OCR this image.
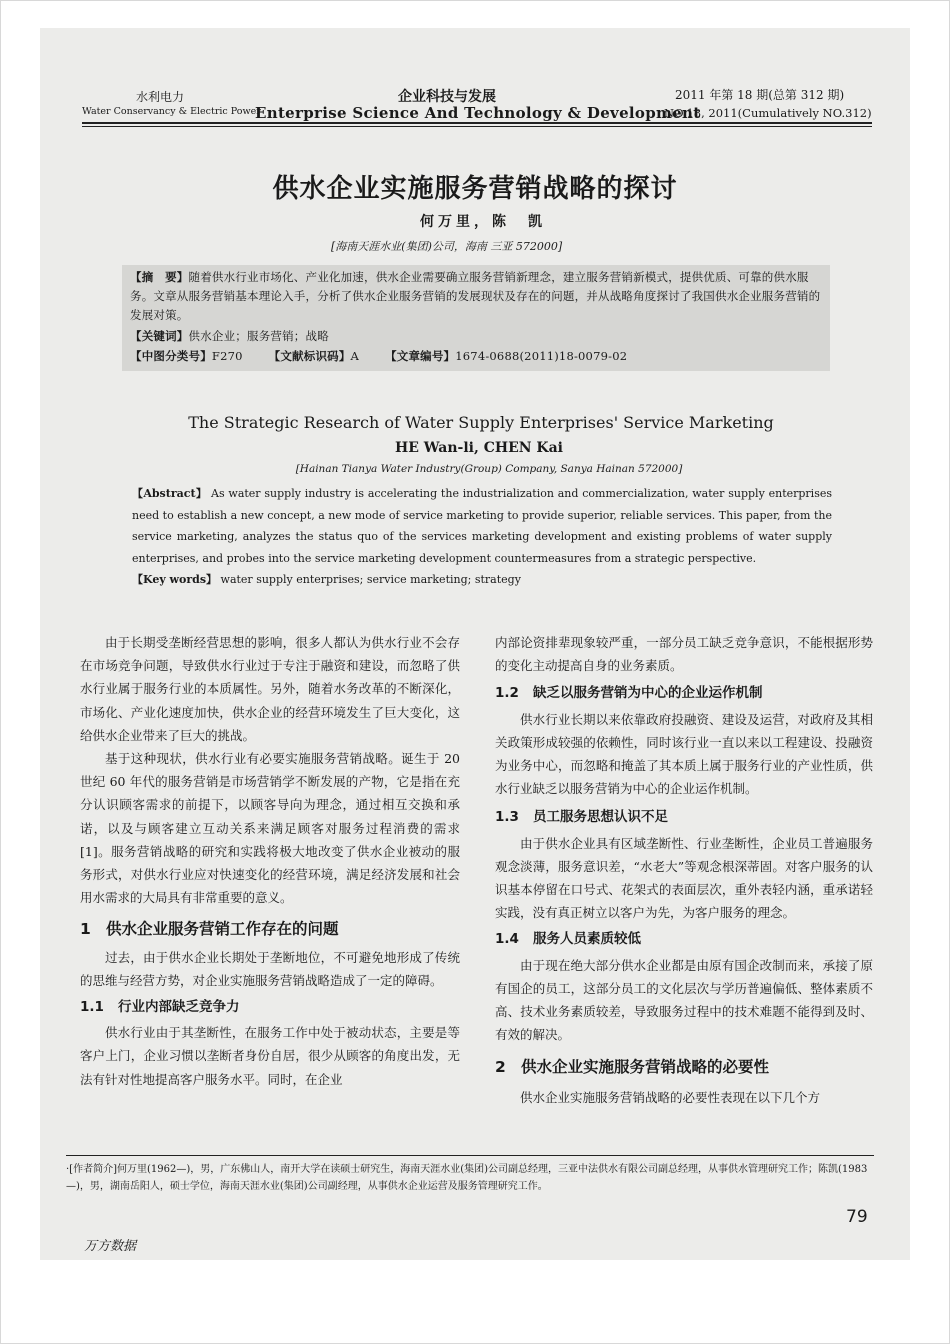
水利电力
Water Conservancy & Electric Power
企业科技与发展
Enterprise Science And Technology & Development
2011 年第 18 期(总第 312 期)
NO.18, 2011(Cumulatively NO.312)
供水企业实施服务营销战略的探讨
何万里，陈　凯
[海南天涯水业(集团)公司，海南 三亚 572000]
【摘　要】随着供水行业市场化、产业化加速，供水企业需要确立服务营销新理念，建立服务营销新模式，提供优质、可靠的供水服务。文章从服务营销基本理论入手，分析了供水企业服务营销的发展现状及存在的问题，并从战略角度探讨了我国供水企业服务营销的发展对策。
【关键词】供水企业；服务营销；战略
【中图分类号】F270 【文献标识码】A 【文章编号】1674-0688(2011)18-0079-02
The Strategic Research of Water Supply Enterprises' Service Marketing
HE Wan-li, CHEN Kai
[Hainan Tianya Water Industry(Group) Company, Sanya Hainan 572000]
【Abstract】 As water supply industry is accelerating the industrialization and commercialization, water supply enterprises need to establish a new concept, a new mode of service marketing to provide superior, reliable services. This paper, from the service marketing, analyzes the status quo of the services marketing development and existing problems of water supply enterprises, and probes into the service marketing development countermeasures from a strategic perspective.
【Key words】 water supply enterprises; service marketing; strategy

由于长期受垄断经营思想的影响，很多人都认为供水行业不会存在市场竞争问题，导致供水行业过于专注于融资和建设，而忽略了供水行业属于服务行业的本质属性。另外，随着水务改革的不断深化，市场化、产业化速度加快，供水企业的经营环境发生了巨大变化，这给供水企业带来了巨大的挑战。

基于这种现状，供水行业有必要实施服务营销战略。诞生于 20 世纪 60 年代的服务营销是市场营销学不断发展的产物，它是指在充分认识顾客需求的前提下，以顾客导向为理念，通过相互交换和承诺，以及与顾客建立互动关系来满足顾客对服务过程消费的需求[1]。服务营销战略的研究和实践将极大地改变了供水企业被动的服务形式，对供水行业应对快速变化的经营环境，满足经济发展和社会用水需求的大局具有非常重要的意义。

1 供水企业服务营销工作存在的问题

过去，由于供水企业长期处于垄断地位，不可避免地形成了传统的思维与经营方势，对企业实施服务营销战略造成了一定的障碍。

1.1 行业内部缺乏竞争力

供水行业由于其垄断性，在服务工作中处于被动状态，主要是等客户上门，企业习惯以垄断者身份自居，很少从顾客的角度出发，无法有针对性地提高客户服务水平。同时，在企业

内部论资排辈现象较严重，一部分员工缺乏竞争意识，不能根据形势的变化主动提高自身的业务素质。

1.2 缺乏以服务营销为中心的企业运作机制

供水行业长期以来依靠政府投融资、建设及运营，对政府及其相关政策形成较强的依赖性，同时该行业一直以来以工程建设、投融资为业务中心，而忽略和掩盖了其本质上属于服务行业的产业性质，供水行业缺乏以服务营销为中心的企业运作机制。

1.3 员工服务思想认识不足

由于供水企业具有区域垄断性、行业垄断性，企业员工普遍服务观念淡薄，服务意识差，“水老大”等观念根深蒂固。对客户服务的认识基本停留在口号式、花架式的表面层次，重外表轻内涵，重承诺轻实践，没有真正树立以客户为先，为客户服务的理念。

1.4 服务人员素质较低

由于现在绝大部分供水企业都是由原有国企改制而来，承接了原有国企的员工，这部分员工的文化层次与学历普遍偏低、整体素质不高、技术业务素质较差，导致服务过程中的技术难题不能得到及时、有效的解决。

2 供水企业实施服务营销战略的必要性

供水企业实施服务营销战略的必要性表现在以下几个方

·[作者简介]何万里(1962—)，男，广东佛山人，南开大学在读硕士研究生，海南天涯水业(集团)公司副总经理，三亚中法供水有限公司副总经理，从事供水管理研究工作；陈凯(1983—)，男，湖南岳阳人，硕士学位，海南天涯水业(集团)公司副经理，从事供水企业运营及服务管理研究工作。
79
万方数据
